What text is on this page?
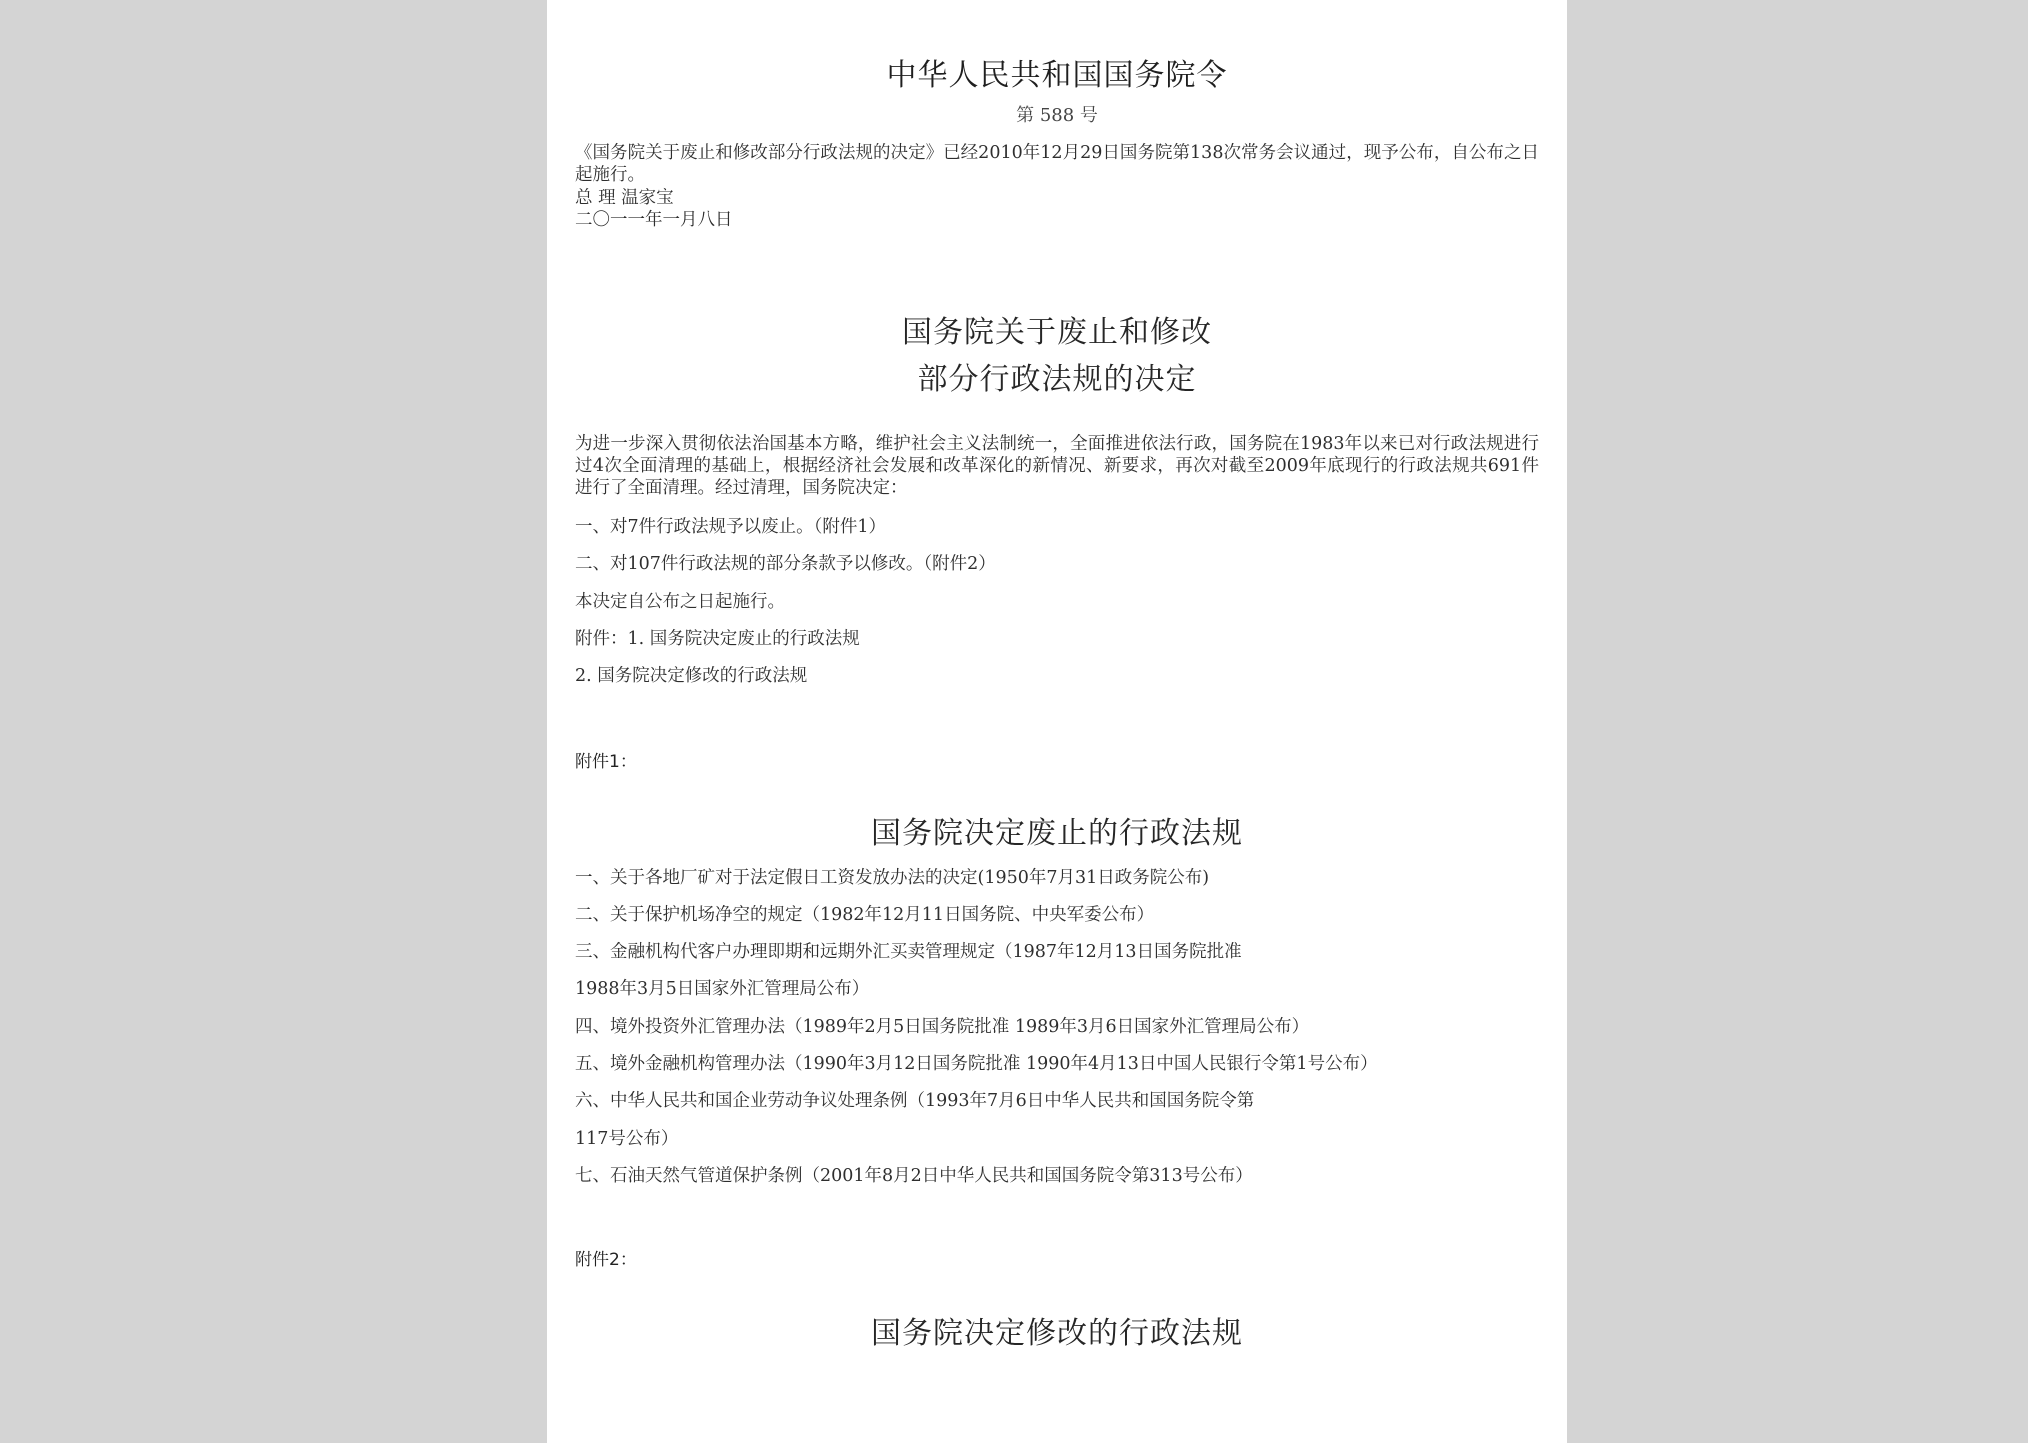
中华人民共和国国务院令
第 588 号
《国务院关于废止和修改部分行政法规的决定》已经2010年12月29日国务院第138次常务会议通过，现予公布，自公布之日起施行。
总 理 温家宝
二〇一一年一月八日
国务院关于废止和修改
部分行政法规的决定
为进一步深入贯彻依法治国基本方略，维护社会主义法制统一，全面推进依法行政，国务院在1983年以来已对行政法规进行过4次全面清理的基础上，根据经济社会发展和改革深化的新情况、新要求，再次对截至2009年底现行的行政法规共691件进行了全面清理。经过清理，国务院决定：
一、对7件行政法规予以废止。（附件1）
二、对107件行政法规的部分条款予以修改。（附件2）
本决定自公布之日起施行。
附件：1. 国务院决定废止的行政法规
2. 国务院决定修改的行政法规
附件1：
国务院决定废止的行政法规
一、关于各地厂矿对于法定假日工资发放办法的决定(1950年7月31日政务院公布)
二、关于保护机场净空的规定（1982年12月11日国务院、中央军委公布）
三、金融机构代客户办理即期和远期外汇买卖管理规定（1987年12月13日国务院批准
1988年3月5日国家外汇管理局公布）
四、境外投资外汇管理办法（1989年2月5日国务院批准 1989年3月6日国家外汇管理局公布）
五、境外金融机构管理办法（1990年3月12日国务院批准 1990年4月13日中国人民银行令第1号公布）
六、中华人民共和国企业劳动争议处理条例（1993年7月6日中华人民共和国国务院令第
117号公布）
七、石油天然气管道保护条例（2001年8月2日中华人民共和国国务院令第313号公布）
附件2：
国务院决定修改的行政法规
